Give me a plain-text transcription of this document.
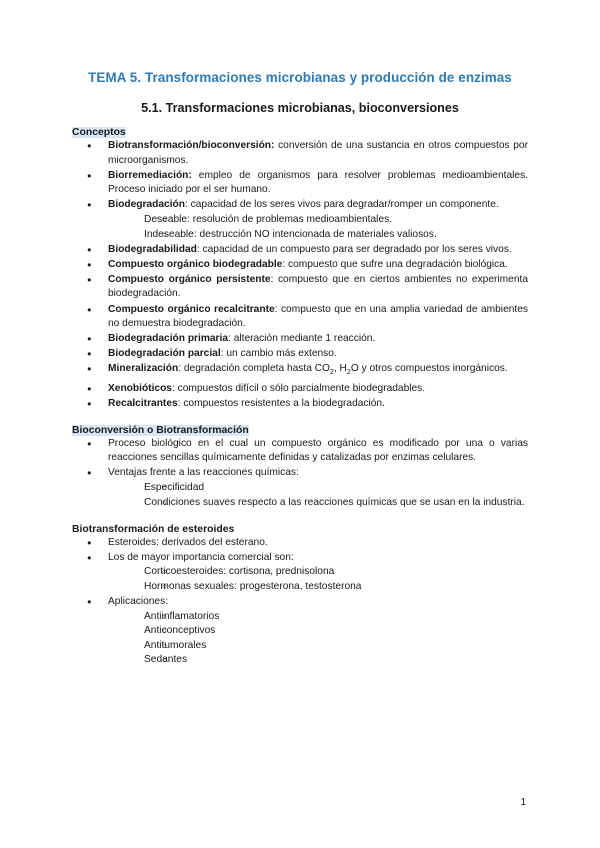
TEMA 5. Transformaciones microbianas y producción de enzimas
5.1. Transformaciones microbianas, bioconversiones
Conceptos
● Biotransformación/bioconversión: conversión de una sustancia en otros compuestos por microorganismos.
● Biorremediación: empleo de organismos para resolver problemas medioambientales. Proceso iniciado por el ser humano.
● Biodegradación: capacidad de los seres vivos para degradar/romper un componente.
○ Deseable: resolución de problemas medioambientales.
○ Indeseable: destrucción NO intencionada de materiales valiosos.
● Biodegradabilidad: capacidad de un compuesto para ser degradado por los seres vivos.
● Compuesto orgánico biodegradable: compuesto que sufre una degradación biológica.
● Compuesto orgánico persistente: compuesto que en ciertos ambientes no experimenta biodegradación.
● Compuesto orgánico recalcitrante: compuesto que en una amplia variedad de ambientes no demuestra biodegradación.
● Biodegradación primaria: alteración mediante 1 reacción.
● Biodegradación parcial: un cambio más extenso.
● Mineralización: degradación completa hasta $CO_2$, $H_2O$ y otros compuestos inorgánicos.
● Xenobióticos: compuestos difícil o sólo parcialmente biodegradables.
● Recalcitrantes: compuestos resistentes a la biodegradación.
Bioconversión o Biotransformación
● Proceso biológico en el cual un compuesto orgánico es modificado por una o varias reacciones sencillas químicamente definidas y catalizadas por enzimas celulares.
● Ventajas frente a las reacciones químicas:
○ Especificidad
○ Condiciones suaves respecto a las reacciones químicas que se usan en la industria.
Biotransformación de esteroides
● Esteroides: derivados del esterano.
● Los de mayor importancia comercial son:
○ Corticoesteroides: cortisona, prednisolona
○ Hormonas sexuales: progesterona, testosterona
● Aplicaciones:
○ Antiinflamatorios
○ Anticonceptivos
○ Antitumorales
○ Sedantes
1
